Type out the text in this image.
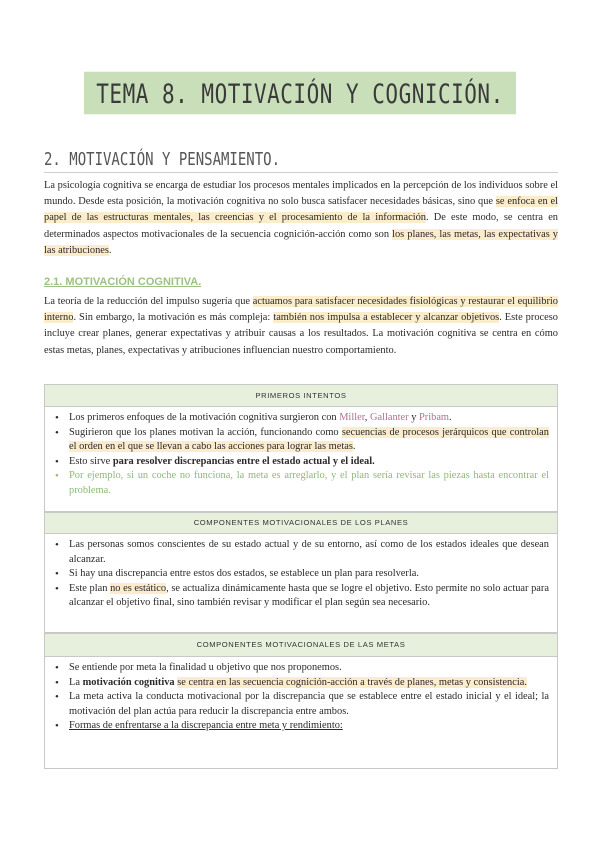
TEMA 8. MOTIVACIÓN Y COGNICIÓN.
2. MOTIVACIÓN Y PENSAMIENTO.

La psicología cognitiva se encarga de estudiar los procesos mentales implicados en la percepción de los individuos sobre el mundo. Desde esta posición, la motivación cognitiva no solo busca satisfacer necesidades básicas, sino que se enfoca en el papel de las estructuras mentales, las creencias y el procesamiento de la información. De este modo, se centra en determinados aspectos motivacionales de la secuencia cognición-acción como son los planes, las metas, las expectativas y las atribuciones.

2.1. MOTIVACIÓN COGNITIVA.

La teoría de la reducción del impulso sugería que actuamos para satisfacer necesidades fisiológicas y restaurar el equilibrio interno. Sin embargo, la motivación es más compleja: también nos impulsa a establecer y alcanzar objetivos. Este proceso incluye crear planes, generar expectativas y atribuir causas a los resultados. La motivación cognitiva se centra en cómo estas metas, planes, expectativas y atribuciones influencian nuestro comportamiento.

PRIMEROS INTENTOS
• Los primeros enfoques de la motivación cognitiva surgieron con Miller, Gallanter y Pribam.
• Sugirieron que los planes motivan la acción, funcionando como secuencias de procesos jerárquicos que controlan el orden en el que se llevan a cabo las acciones para lograr las metas.
• Esto sirve para resolver discrepancias entre el estado actual y el ideal.
• Por ejemplo, si un coche no funciona, la meta es arreglarlo, y el plan sería revisar las piezas hasta encontrar el problema.
COMPONENTES MOTIVACIONALES DE LOS PLANES
• Las personas somos conscientes de su estado actual y de su entorno, así como de los estados ideales que desean alcanzar.
• Si hay una discrepancia entre estos dos estados, se establece un plan para resolverla.
• Este plan no es estático, se actualiza dinámicamente hasta que se logre el objetivo. Esto permite no solo actuar para alcanzar el objetivo final, sino también revisar y modificar el plan según sea necesario.
COMPONENTES MOTIVACIONALES DE LAS METAS
• Se entiende por meta la finalidad u objetivo que nos proponemos.
• La motivación cognitiva se centra en las secuencia cognición-acción a través de planes, metas y consistencia.
• La meta activa la conducta motivacional por la discrepancia que se establece entre el estado inicial y el ideal; la motivación del plan actúa para reducir la discrepancia entre ambos.
• Formas de enfrentarse a la discrepancia entre meta y rendimiento:
